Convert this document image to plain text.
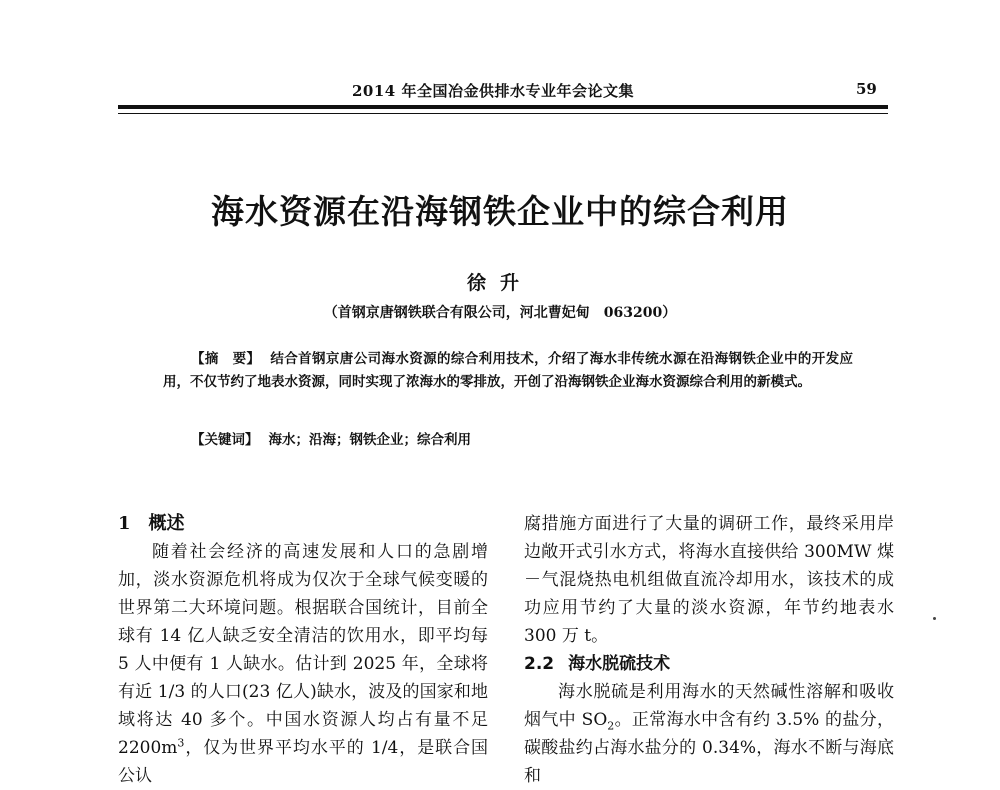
2014 年全国冶金供排水专业年会论文集	59
海水资源在沿海钢铁企业中的综合利用
徐升
（首钢京唐钢铁联合有限公司，河北曹妃甸　063200）
【摘　要】 结合首钢京唐公司海水资源的综合利用技术，介绍了海水非传统水源在沿海钢铁企业中的开发应用，不仅节约了地表水资源，同时实现了浓海水的零排放，开创了沿海钢铁企业海水资源综合利用的新模式。
【关键词】 海水；沿海；钢铁企业；综合利用

1 概述

随着社会经济的高速发展和人口的急剧增加，淡水资源危机将成为仅次于全球气候变暖的世界第二大环境问题。根据联合国统计，目前全球有 14 亿人缺乏安全清洁的饮用水，即平均每 5 人中便有 1 人缺水。估计到 2025 年，全球将有近 1/3 的人口(23 亿人)缺水，波及的国家和地域将达 40 多个。中国水资源人均占有量不足 $2200m^3$，仅为世界平均水平的 1/4，是联合国公认

腐措施方面进行了大量的调研工作，最终采用岸边敞开式引水方式，将海水直接供给 300MW 煤－气混烧热电机组做直流冷却用水，该技术的成功应用节约了大量的淡水资源，年节约地表水 300 万 t。

2.2 海水脱硫技术

海水脱硫是利用海水的天然碱性溶解和吸收烟气中 $SO_2$。正常海水中含有约 3.5% 的盐分，碳酸盐约占海水盐分的 0.34%，海水不断与海底和
